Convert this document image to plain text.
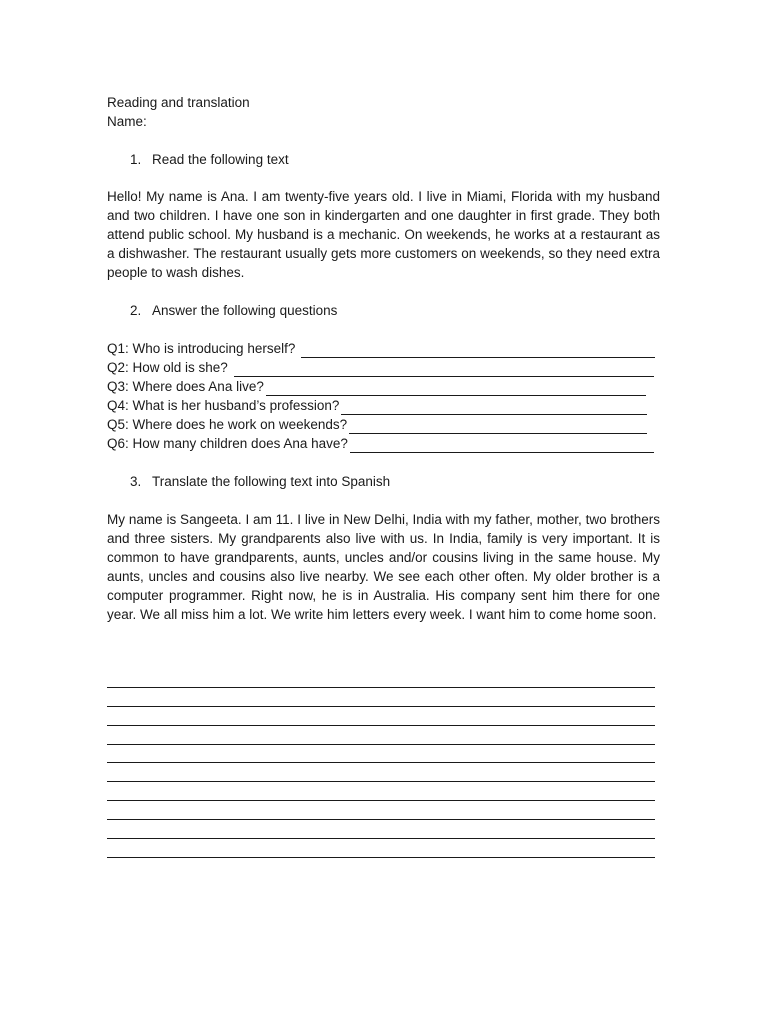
Reading and translation
Name:
1. Read the following text
Hello! My name is Ana. I am twenty-five years old. I live in Miami, Florida with my husband and two children. I have one son in kindergarten and one daughter in first grade. They both attend public school. My husband is a mechanic. On weekends, he works at a restaurant as a dishwasher. The restaurant usually gets more customers on weekends, so they need extra people to wash dishes.
2. Answer the following questions
Q1: Who is introducing herself?
Q2: How old is she?
Q3: Where does Ana live?
Q4: What is her husband’s profession?
Q5: Where does he work on weekends?
Q6: How many children does Ana have?
3. Translate the following text into Spanish
My name is Sangeeta. I am 11. I live in New Delhi, India with my father, mother, two brothers and three sisters. My grandparents also live with us. In India, family is very important. It is common to have grandparents, aunts, uncles and/or cousins living in the same house. My aunts, uncles and cousins also live nearby. We see each other often. My older brother is a computer programmer. Right now, he is in Australia. His company sent him there for one year. We all miss him a lot. We write him letters every week. I want him to come home soon.
